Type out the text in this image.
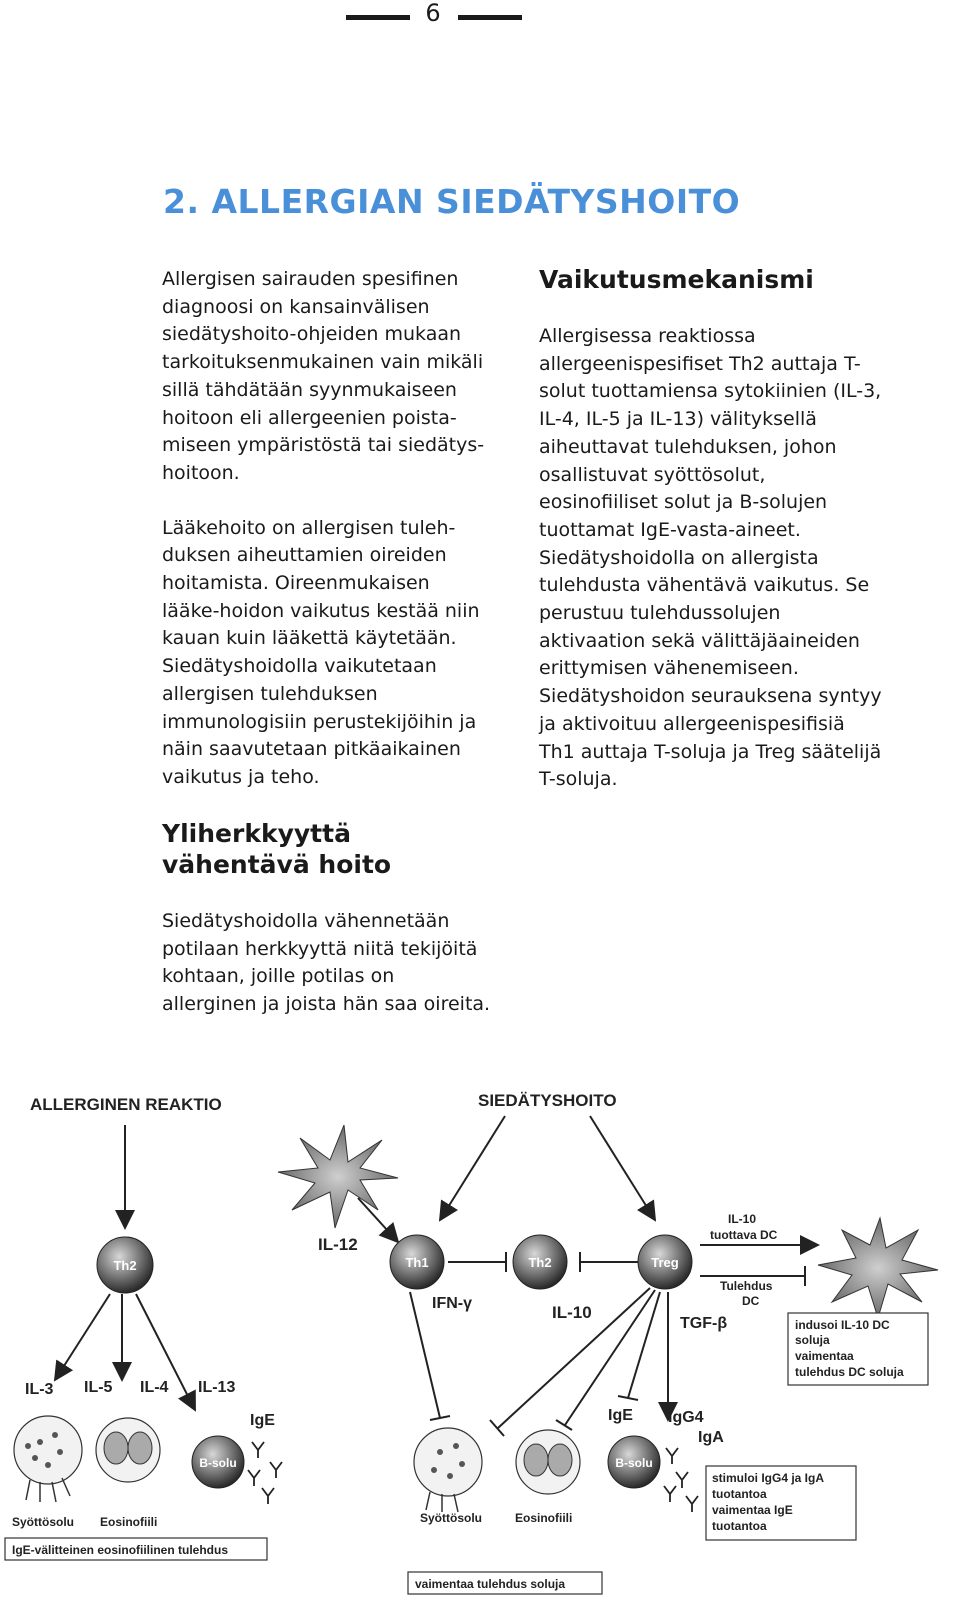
6
2. ALLERGIAN SIEDÄTYSHOITO

Allergisen sairauden spesifinen diagnoosi on kansainvälisen siedätyshoito-ohjeiden mukaan tarkoituksenmukainen vain mikäli sillä tähdätään syynmukaiseen hoitoon eli allergeenien poista-miseen ympäristöstä tai siedätys-hoitoon.

Lääkehoito on allergisen tuleh-duksen aiheuttamien oireiden hoitamista. Oireenmukaisen lääke-hoidon vaikutus kestää niin kauan kuin lääkettä käytetään. Siedätyshoidolla vaikutetaan allergisen tulehduksen immunologisiin perustekijöihin ja näin saavutetaan pitkäaikainen vaikutus ja teho.

Yliherkkyyttä vähentävä hoito
Siedätyshoidolla vähennetään potilaan herkkyyttä niitä tekijöitä kohtaan, joille potilas on allerginen ja joista hän saa oireita.
Vaikutusmekanismi
Allergisessa reaktiossa allergeenispesifiset Th2 auttaja T-solut tuottamiensa sytokiinien (IL-3, IL-4, IL-5 ja IL-13) välityksellä aiheuttavat tulehduksen, johon osallistuvat syöttösolut, eosinofiiliset solut ja B-solujen tuottamat IgE-vasta-aineet. Siedätyshoidolla on allergista tulehdusta vähentävä vaikutus. Se perustuu tulehdussolujen aktivaation sekä välittäjäaineiden erittymisen vähenemiseen. Siedätyshoidon seurauksena syntyy ja aktivoituu allergeenispesifisiä Th1 auttaja T-soluja ja Treg säätelijä T-soluja.
ALLERGINEN REAKTIO	SIEDÄTYSHOITO
IL-12
Th2	Th1	Th2	Treg
IL-10
tuottava DC
Tulehdus
DC
indusoi IL-10 DC
soluja
vaimentaa
tulehdus DC soluja
IFN-γ	IL-10
TGF-β
IL-3 IL-5 IL-4 IL-13
B-solu
IgE
Syöttösolu Eosinofiili
IgE-välitteinen eosinofiilinen tulehdus
B-solu
IgE IgG4
IgA
Syöttösolu	Eosinofiili
stimuloi IgG4 ja IgA
tuotantoa
vaimentaa IgE
tuotantoa
vaimentaa tulehdus soluja
